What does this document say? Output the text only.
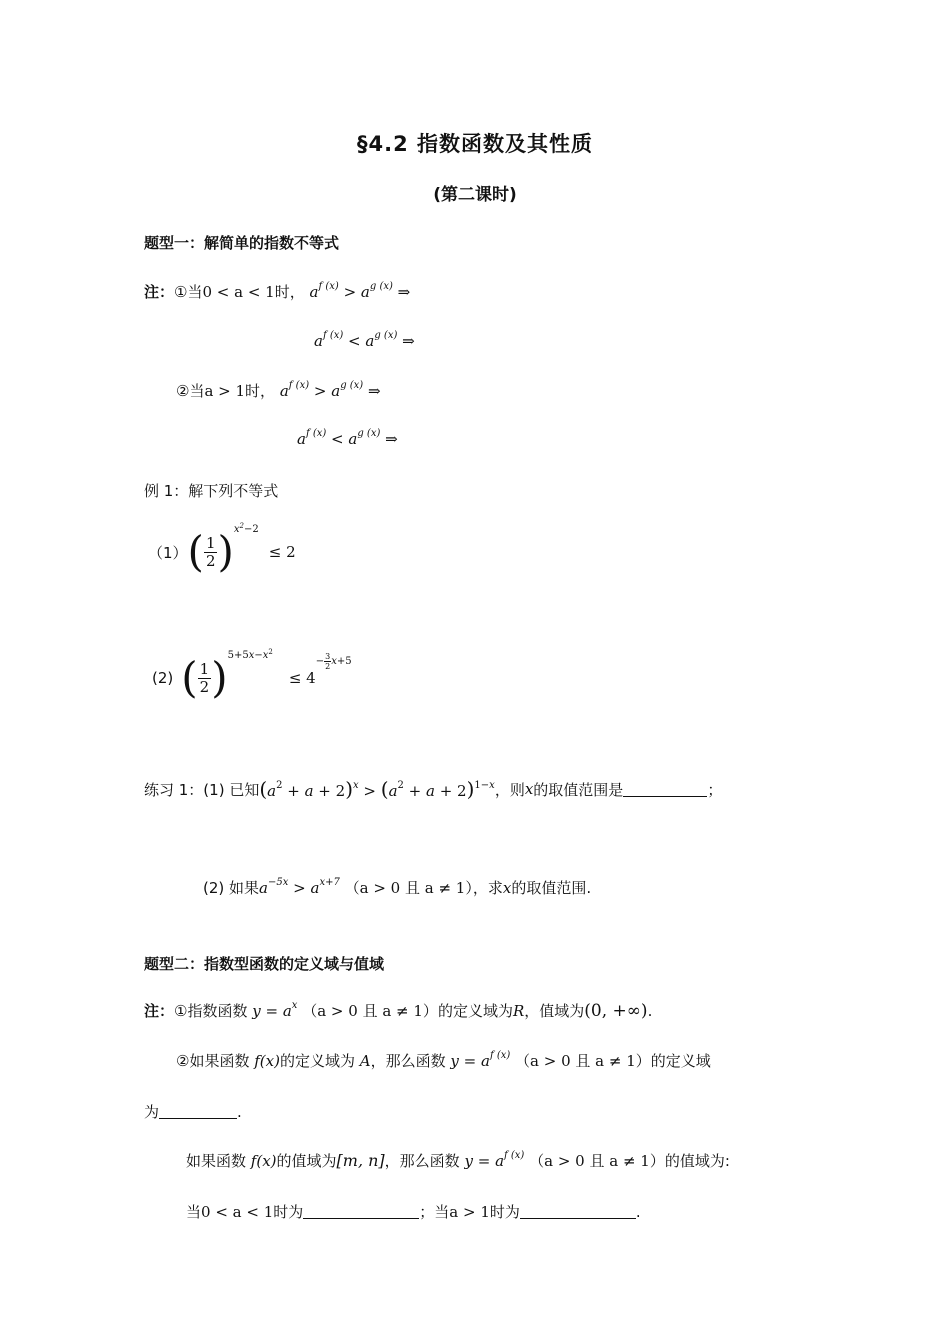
§4.2 指数函数及其性质
(第二课时)
题型一：解简单的指数不等式
注：①当0 < a < 1时， $a^{f (x)} > a^{g (x)}$ ⇒
$a^{f (x)} < a^{g (x)}$ ⇒
②当a > 1时， $a^{f (x)} > a^{g (x)}$ ⇒
$a^{f (x)} < a^{g (x)}$ ⇒
例 1：解下列不等式
（1） ( $\frac{1}{2}$ ) $x^2-2$
≤ 2
(2) ( $\frac{1}{2}$ ) $5+5x-x^2$
≤ 4
− 3
2 x +5
练习 1：(1) 已知 $(a^2 + a + 2)^x > (a^2 + a + 2)^{1-x}$ ，则 x 的取值范围是	；
(2) 如果$a^{-5x} > a^{x+7}$ （a > 0 且 a ≠ 1），求x的取值范围.
题型二：指数型函数的定义域与值域
注：①指数函数 $y = a^x$ （a > 0 且 a ≠ 1）的定义域为R，值域为(0, +∞).
②如果函数 f(x)的定义域为 A，那么函数 $y = a^{f (x)}$ （a > 0 且 a ≠ 1）的定义域
为	.
如果函数 f(x)的值域为[m, n]，那么函数 $y = a^{f (x)}$ （a > 0 且 a ≠ 1）的值域为:
当0 < a < 1时为	；当a > 1时为	.
